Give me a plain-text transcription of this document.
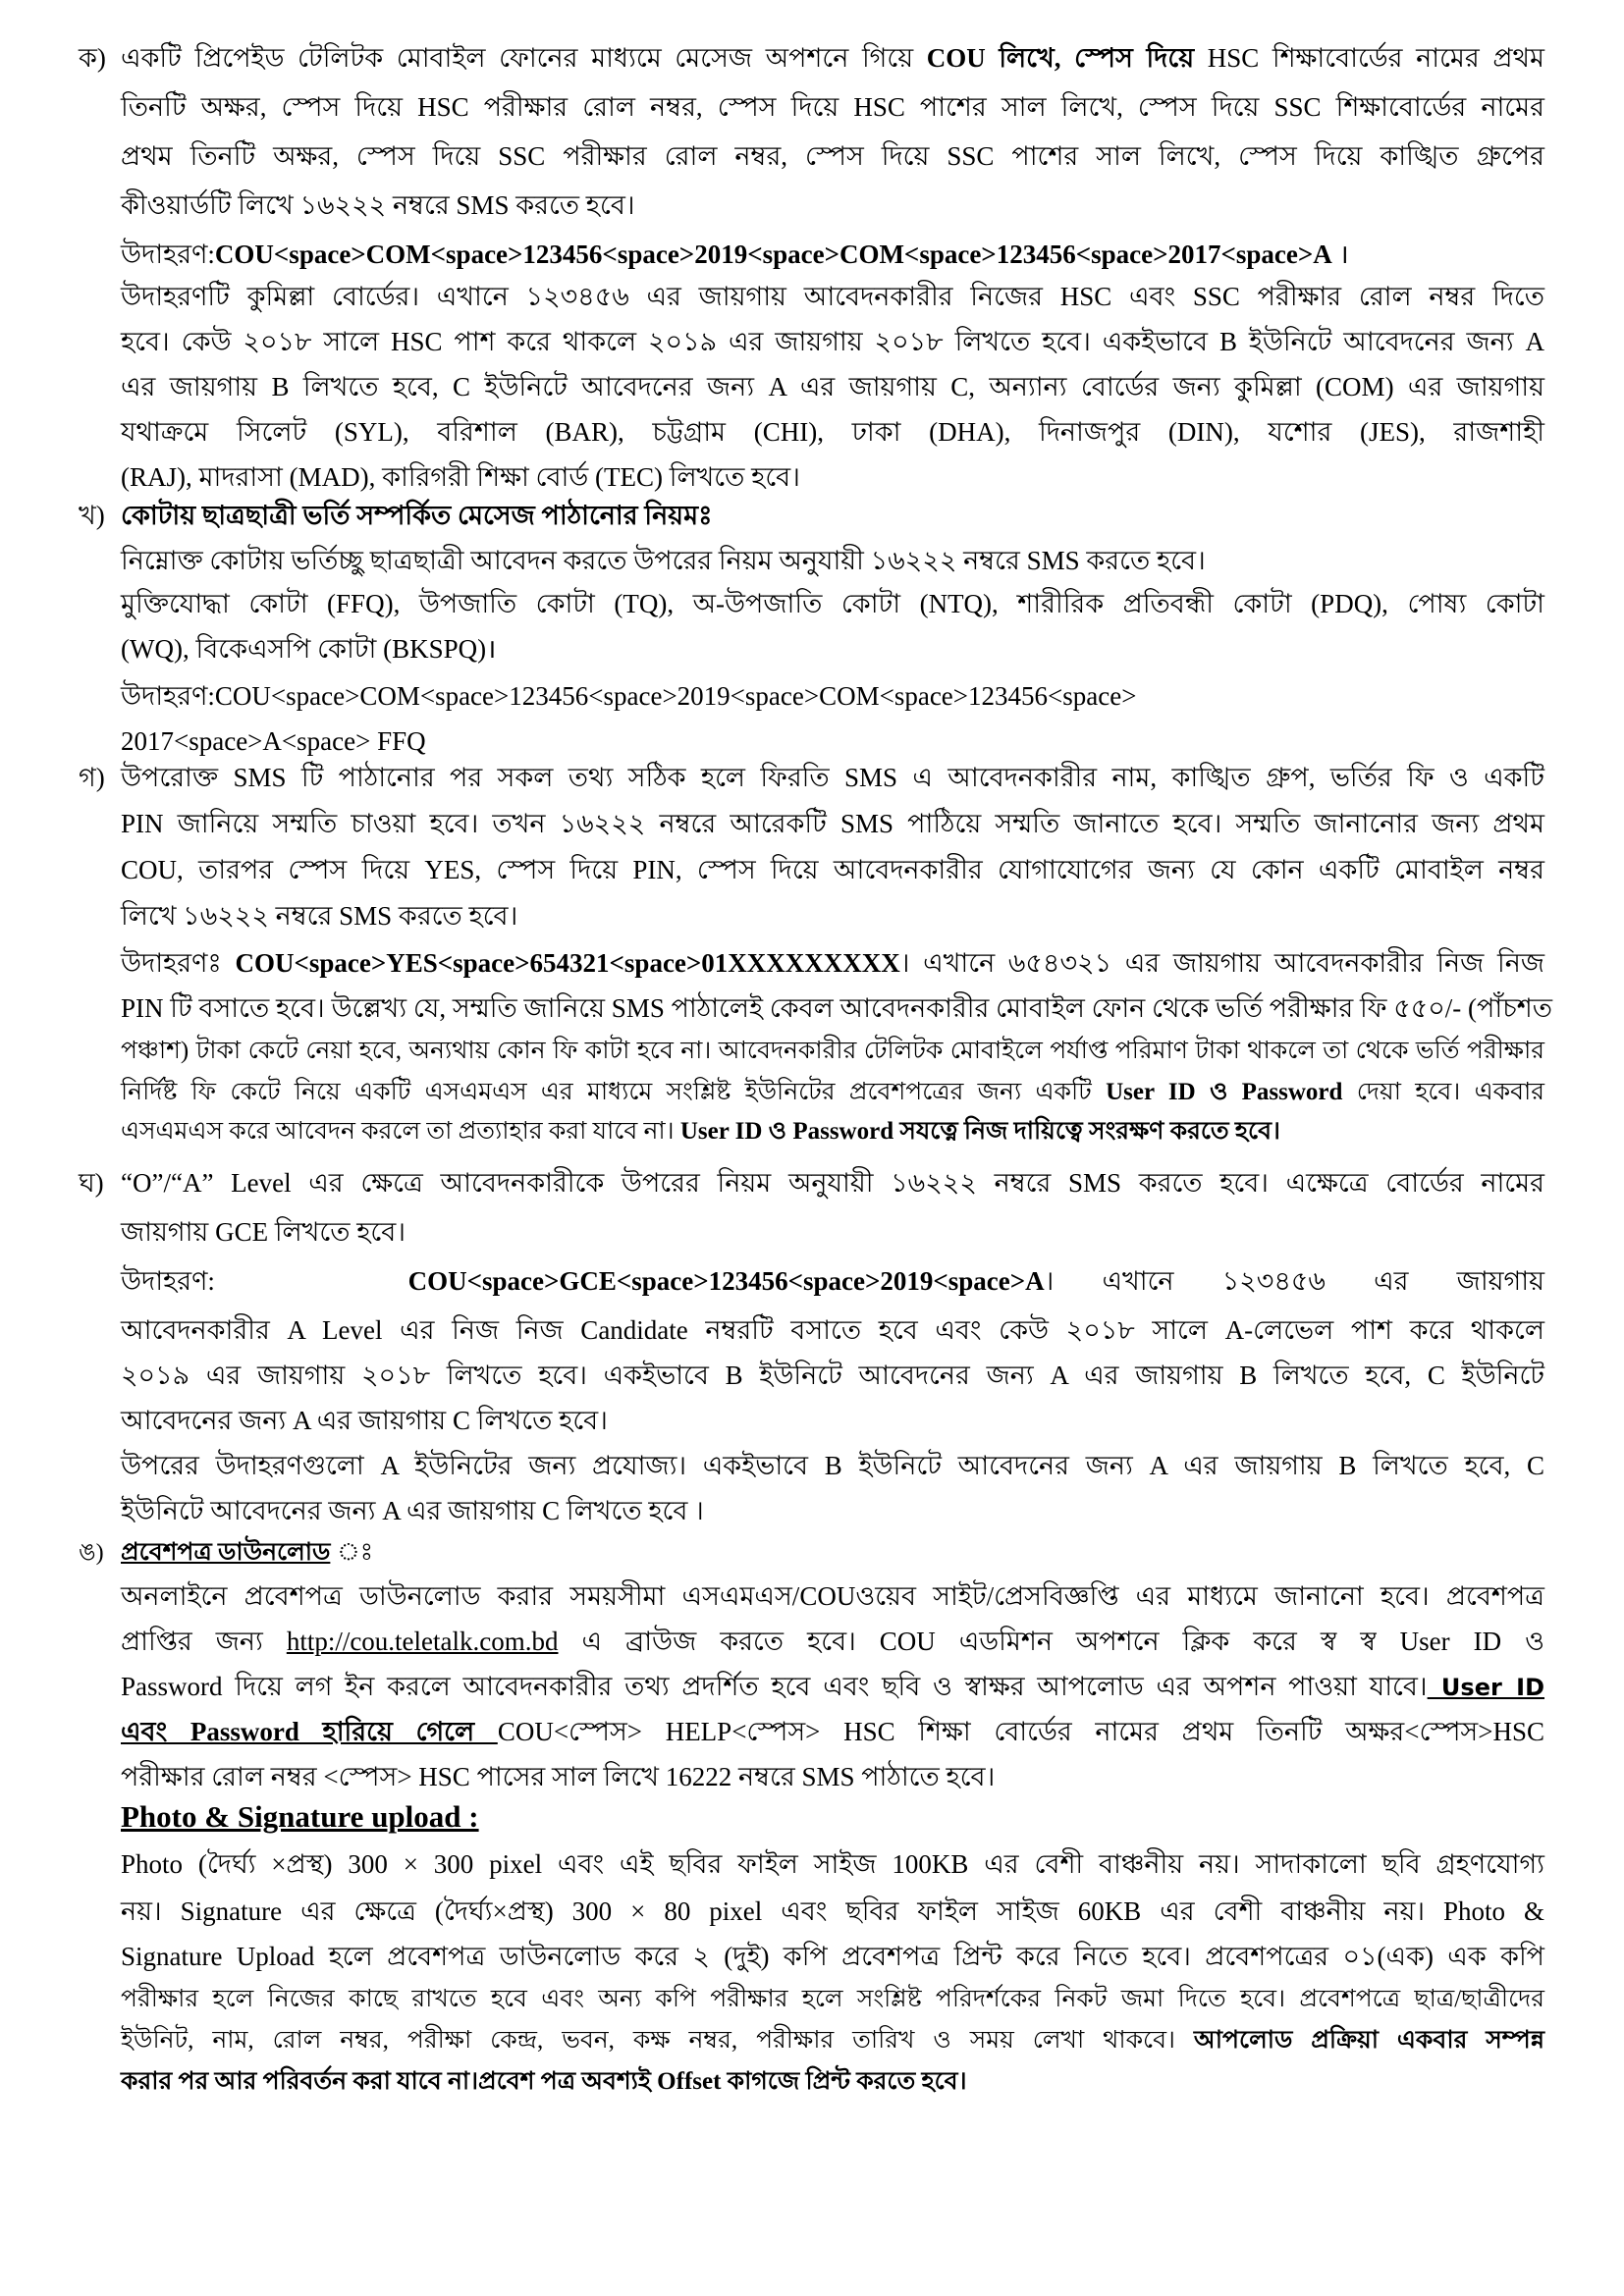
ক) একটি প্রিপেইড টেলিটক মোবাইল ফোনের মাধ্যমে মেসেজ অপশনে গিয়ে COU লিখে, স্পেস দিয়ে HSC শিক্ষাবোর্ডের নামের প্রথম
তিনটি অক্ষর, স্পেস দিয়ে HSC পরীক্ষার রোল নম্বর, স্পেস দিয়ে HSC পাশের সাল লিখে, স্পেস দিয়ে SSC শিক্ষাবোর্ডের নামের
প্রথম তিনটি অক্ষর, স্পেস দিয়ে SSC পরীক্ষার রোল নম্বর, স্পেস দিয়ে SSC পাশের সাল লিখে, স্পেস দিয়ে কাঙ্খিত গ্রুপের
কীওয়ার্ডটি লিখে ১৬২২২ নম্বরে SMS করতে হবে।
উদাহরণ:COU<space>COM<space>123456<space>2019<space>COM<space>123456<space>2017<space>A ।
উদাহরণটি কুমিল্লা বোর্ডের। এখানে ১২৩৪৫৬ এর জায়গায় আবেদনকারীর নিজের HSC এবং SSC পরীক্ষার রোল নম্বর দিতে
হবে। কেউ ২০১৮ সালে HSC পাশ করে থাকলে ২০১৯ এর জায়গায় ২০১৮ লিখতে হবে। একইভাবে B ইউনিটে আবেদনের জন্য A
এর জায়গায় B লিখতে হবে, C ইউনিটে আবেদনের জন্য A এর জায়গায় C, অন্যান্য বোর্ডের জন্য কুমিল্লা (COM) এর জায়গায়
যথাক্রমে সিলেট (SYL), বরিশাল (BAR), চট্টগ্রাম (CHI), ঢাকা (DHA), দিনাজপুর (DIN), যশোর (JES), রাজশাহী
(RAJ), মাদরাসা (MAD), কারিগরী শিক্ষা বোর্ড (TEC) লিখতে হবে।
খ) কোটায় ছাত্রছাত্রী ভর্তি সম্পর্কিত মেসেজ পাঠানোর নিয়মঃ
নিম্নোক্ত কোটায় ভর্তিচ্ছু ছাত্রছাত্রী আবেদন করতে উপরের নিয়ম অনুযায়ী ১৬২২২ নম্বরে SMS করতে হবে।
মুক্তিযোদ্ধা কোটা (FFQ), উপজাতি কোটা (TQ), অ-উপজাতি কোটা (NTQ), শারীরিক প্রতিবন্ধী কোটা (PDQ), পোষ্য কোটা
(WQ), বিকেএসপি কোটা (BKSPQ)।
উদাহরণ:COU<space>COM<space>123456<space>2019<space>COM<space>123456<space>
2017<space>A<space> FFQ
গ) উপরোক্ত SMS টি পাঠানোর পর সকল তথ্য সঠিক হলে ফিরতি SMS এ আবেদনকারীর নাম, কাঙ্খিত গ্রুপ, ভর্তির ফি ও একটি
PIN জানিয়ে সম্মতি চাওয়া হবে। তখন ১৬২২২ নম্বরে আরেকটি SMS পাঠিয়ে সম্মতি জানাতে হবে। সম্মতি জানানোর জন্য প্রথম
COU, তারপর স্পেস দিয়ে YES, স্পেস দিয়ে PIN, স্পেস দিয়ে আবেদনকারীর যোগাযোগের জন্য যে কোন একটি মোবাইল নম্বর
লিখে ১৬২২২ নম্বরে SMS করতে হবে।
উদাহরণঃ COU<space>YES<space>654321<space>01XXXXXXXXX। এখানে ৬৫৪৩২১ এর জায়গায় আবেদনকারীর নিজ নিজ
PIN টি বসাতে হবে। উল্লেখ্য যে, সম্মতি জানিয়ে SMS পাঠালেই কেবল আবেদনকারীর মোবাইল ফোন থেকে ভর্তি পরীক্ষার ফি ৫৫০/- (পাঁচশত
পঞ্চাশ) টাকা কেটে নেয়া হবে, অন্যথায় কোন ফি কাটা হবে না। আবেদনকারীর টেলিটক মোবাইলে পর্যাপ্ত পরিমাণ টাকা থাকলে তা থেকে ভর্তি পরীক্ষার
নির্দিষ্ট ফি কেটে নিয়ে একটি এসএমএস এর মাধ্যমে সংশ্লিষ্ট ইউনিটের প্রবেশপত্রের জন্য একটি User ID ও Password দেয়া হবে। একবার
এসএমএস করে আবেদন করলে তা প্রত্যাহার করা যাবে না। User ID ও Password সযত্নে নিজ দায়িত্বে সংরক্ষণ করতে হবে।
ঘ) “O”/“A” Level এর ক্ষেত্রে আবেদনকারীকে উপরের নিয়ম অনুযায়ী ১৬২২২ নম্বরে SMS করতে হবে। এক্ষেত্রে বোর্ডের নামের
জায়গায় GCE লিখতে হবে।
উদাহরণ:	COU<space>GCE<space>123456<space>2019<space>A। এখানে ১২৩৪৫৬ এর জায়গায়
আবেদনকারীর A Level এর নিজ নিজ Candidate নম্বরটি বসাতে হবে এবং কেউ ২০১৮ সালে A-লেভেল পাশ করে থাকলে
২০১৯ এর জায়গায় ২০১৮ লিখতে হবে। একইভাবে B ইউনিটে আবেদনের জন্য A এর জায়গায় B লিখতে হবে, C ইউনিটে
আবেদনের জন্য A এর জায়গায় C লিখতে হবে।
উপরের উদাহরণগুলো A ইউনিটের জন্য প্রযোজ্য। একইভাবে B ইউনিটে আবেদনের জন্য A এর জায়গায় B লিখতে হবে, C
ইউনিটে আবেদনের জন্য A এর জায়গায় C লিখতে হবে ।
ঙ) প্রবেশপত্র ডাউনলোড ঃ
অনলাইনে প্রবেশপত্র ডাউনলোড করার সময়সীমা এসএমএস/COUওয়েব সাইট/প্রেসবিজ্ঞপ্তি এর মাধ্যমে জানানো হবে। প্রবেশপত্র
প্রাপ্তির জন্য http://cou.teletalk.com.bd এ ব্রাউজ করতে হবে। COU এডমিশন অপশনে ক্লিক করে স্ব স্ব User ID ও
Password দিয়ে লগ ইন করলে আবেদনকারীর তথ্য প্রদর্শিত হবে এবং ছবি ও স্বাক্ষর আপলোড এর অপশন পাওয়া যাবে। User ID
এবং Password হারিয়ে গেলে COU<স্পেস> HELP<স্পেস> HSC শিক্ষা বোর্ডের নামের প্রথম তিনটি অক্ষর<স্পেস>HSC
পরীক্ষার রোল নম্বর <স্পেস> HSC পাসের সাল লিখে 16222 নম্বরে SMS পাঠাতে হবে।
Photo & Signature upload :
Photo (দৈর্ঘ্য ×প্রস্থ) 300 × 300 pixel এবং এই ছবির ফাইল সাইজ 100KB এর বেশী বাঞ্চনীয় নয়। সাদাকালো ছবি গ্রহণযোগ্য
নয়। Signature এর ক্ষেত্রে (দৈর্ঘ্য×প্রস্থ) 300 × 80 pixel এবং ছবির ফাইল সাইজ 60KB এর বেশী বাঞ্চনীয় নয়। Photo &
Signature Upload হলে প্রবেশপত্র ডাউনলোড করে ২ (দুই) কপি প্রবেশপত্র প্রিন্ট করে নিতে হবে। প্রবেশপত্রের ০১(এক) এক কপি
পরীক্ষার হলে নিজের কাছে রাখতে হবে এবং অন্য কপি পরীক্ষার হলে সংশ্লিষ্ট পরিদর্শকের নিকট জমা দিতে হবে। প্রবেশপত্রে ছাত্র/ছাত্রীদের
ইউনিট, নাম, রোল নম্বর, পরীক্ষা কেন্দ্র, ভবন, কক্ষ নম্বর, পরীক্ষার তারিখ ও সময় লেখা থাকবে। আপলোড প্রক্রিয়া একবার সম্পন্ন
করার পর আর পরিবর্তন করা যাবে না।প্রবেশ পত্র অবশ্যই Offset কাগজে প্রিন্ট করতে হবে।
